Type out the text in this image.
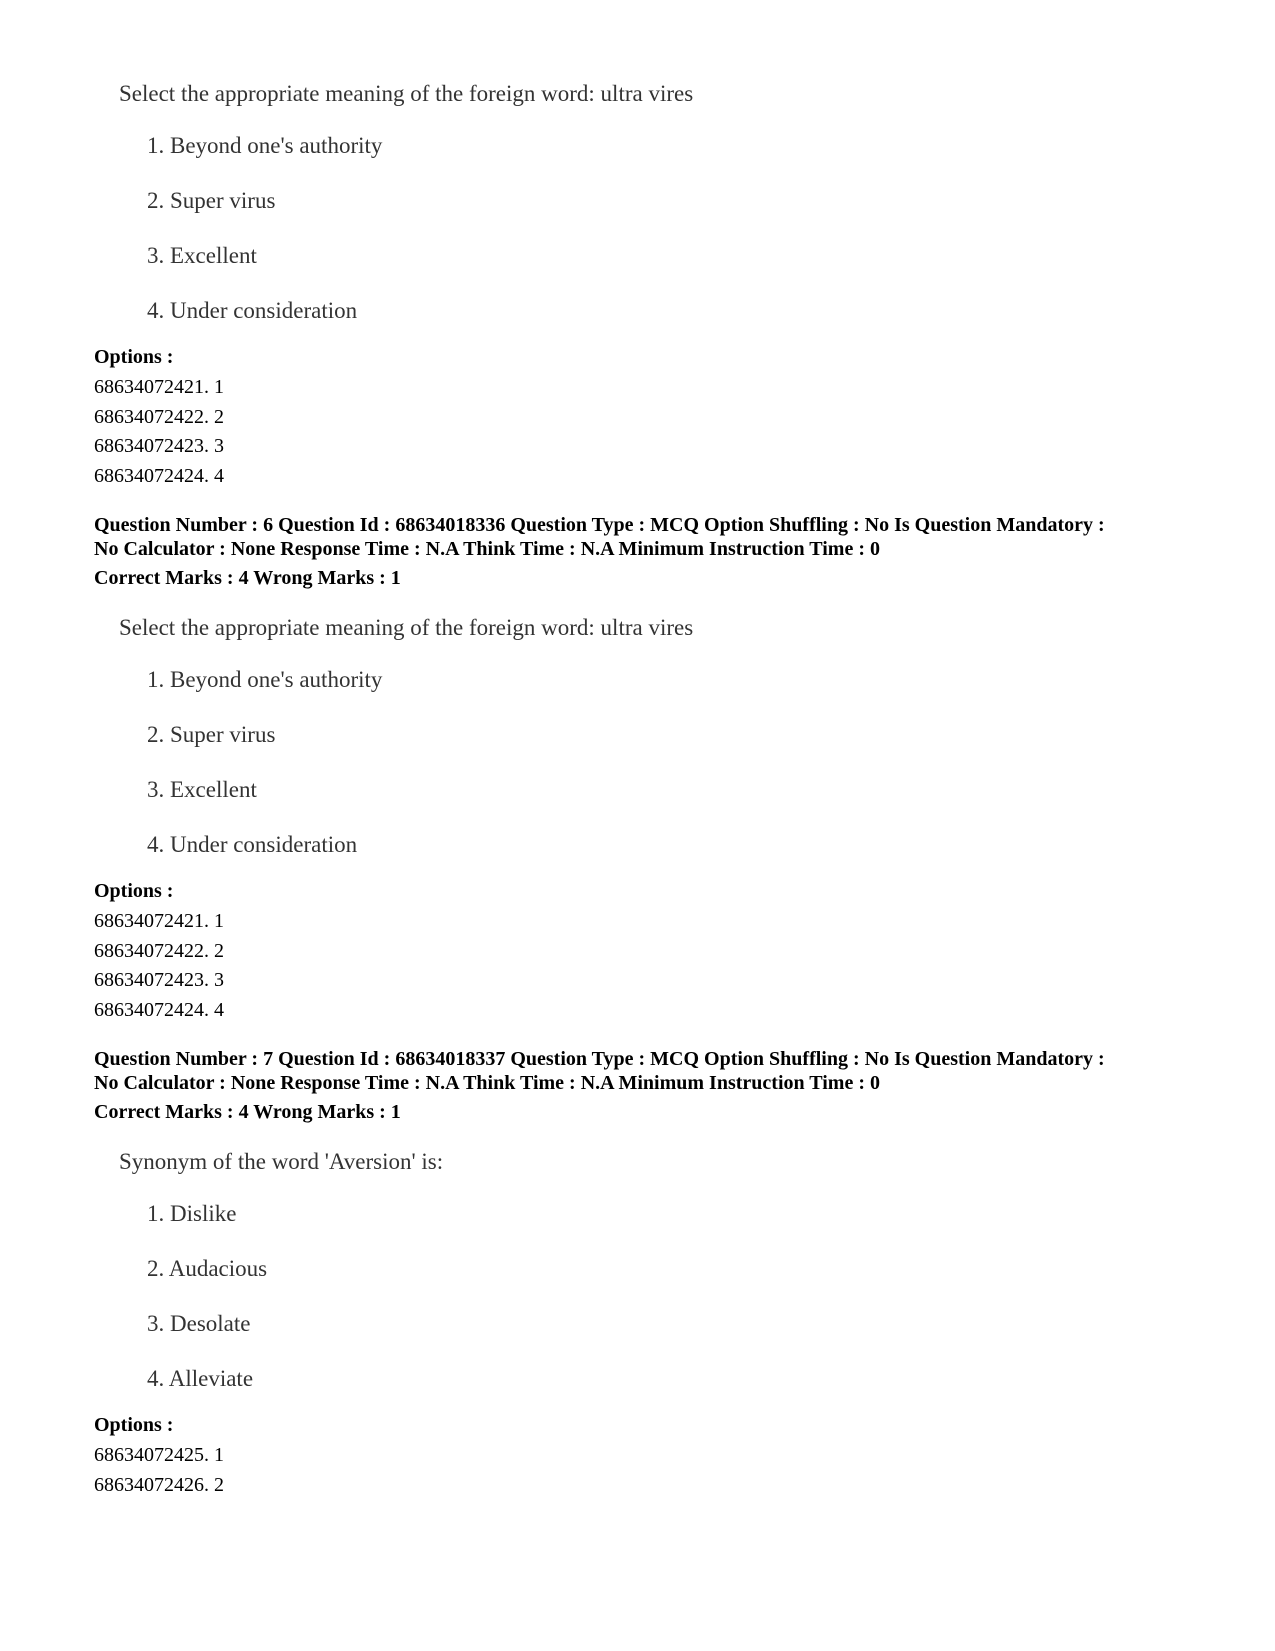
Select the appropriate meaning of the foreign word: ultra vires
1. Beyond one's authority
2. Super virus
3. Excellent
4. Under consideration
Options :
68634072421. 1
68634072422. 2
68634072423. 3
68634072424. 4
Question Number : 6 Question Id : 68634018336 Question Type : MCQ Option Shuffling : No Is Question Mandatory :
No Calculator : None Response Time : N.A Think Time : N.A Minimum Instruction Time : 0
Correct Marks : 4 Wrong Marks : 1
Select the appropriate meaning of the foreign word: ultra vires
1. Beyond one's authority
2. Super virus
3. Excellent
4. Under consideration
Options :
68634072421. 1
68634072422. 2
68634072423. 3
68634072424. 4
Question Number : 7 Question Id : 68634018337 Question Type : MCQ Option Shuffling : No Is Question Mandatory :
No Calculator : None Response Time : N.A Think Time : N.A Minimum Instruction Time : 0
Correct Marks : 4 Wrong Marks : 1
Synonym of the word 'Aversion' is:
1. Dislike
2. Audacious
3. Desolate
4. Alleviate
Options :
68634072425. 1
68634072426. 2
